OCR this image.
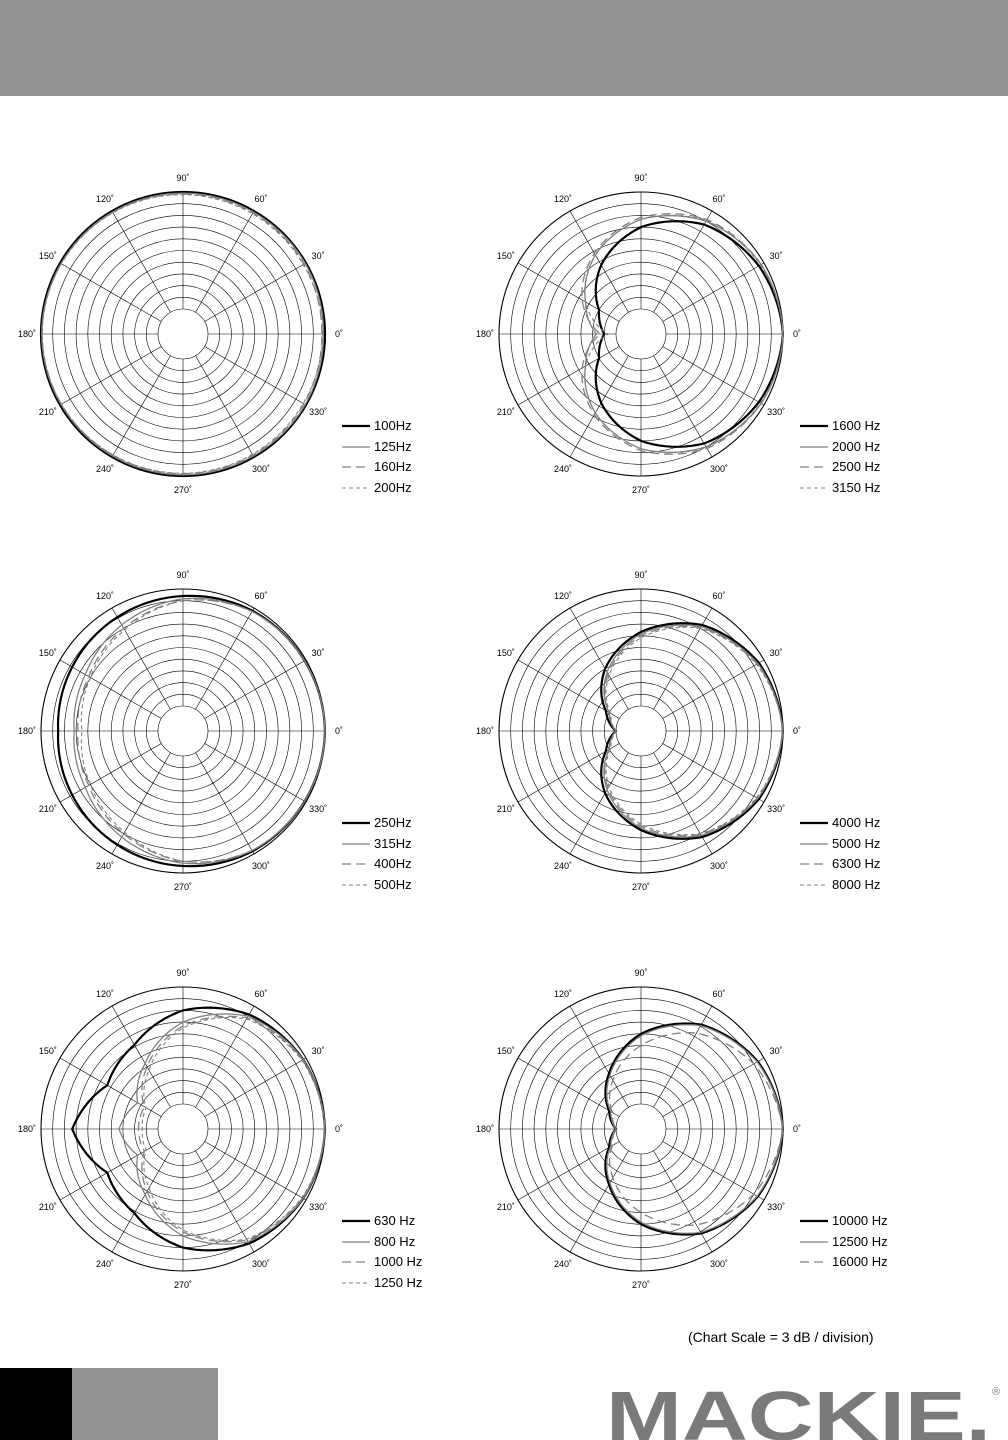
0˚
30˚
60˚
90˚
120˚
150˚
180˚
210˚
240˚
270˚
300˚
330˚
100Hz
125Hz
160Hz
200Hz
0˚
30˚
60˚
90˚
120˚
150˚
180˚
210˚
240˚
270˚
300˚
330˚
1600 Hz
2000 Hz
2500 Hz
3150 Hz
0˚
30˚
60˚
90˚
120˚
150˚
180˚
210˚
240˚
270˚
300˚
330˚
250Hz
315Hz
400Hz
500Hz
0˚
30˚
60˚
90˚
120˚
150˚
180˚
210˚
240˚
270˚
300˚
330˚
4000 Hz
5000 Hz
6300 Hz
8000 Hz
0˚
30˚
60˚
90˚
120˚
150˚
180˚
210˚
240˚
270˚
300˚
330˚
630 Hz
800 Hz
1000 Hz
1250 Hz
0˚
30˚
60˚
90˚
120˚
150˚
180˚
210˚
240˚
270˚
300˚
330˚
10000 Hz
12500 Hz
16000 Hz
(Chart Scale = 3 dB / division)
MACKIE. ®
